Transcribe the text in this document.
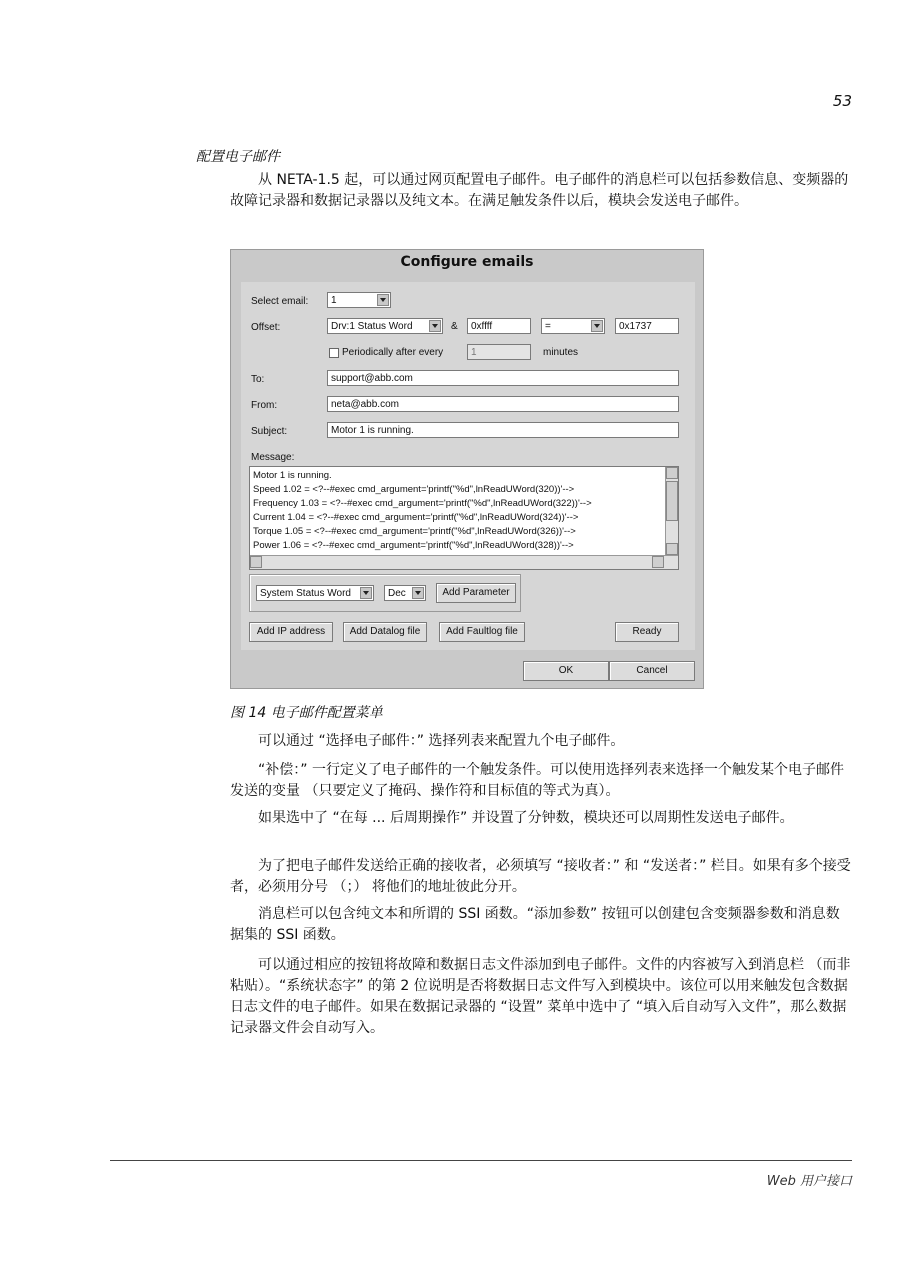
53
配置电子邮件

从 NETA-1.5 起，可以通过网页配置电子邮件。电子邮件的消息栏可以包括参数信息、变频器的故障记录器和数据记录器以及纯文本。在满足触发条件以后，模块会发送电子邮件。

Configure emails
Select email:	1
Offset:	Drv:1 Status Word	&	0xffff	=	0x1737
Periodically after every	1	minutes
To:	support@abb.com
From:	neta@abb.com
Subject:	Motor 1 is running.
Message:
Motor 1 is running.
Speed 1.02 = <?--#exec cmd_argument='printf("%d",lnReadUWord(320))'-->
Frequency 1.03 = <?--#exec cmd_argument='printf("%d",lnReadUWord(322))'-->
Current 1.04 = <?--#exec cmd_argument='printf("%d",lnReadUWord(324))'-->
Torque 1.05 = <?--#exec cmd_argument='printf("%d",lnReadUWord(326))'-->
Power 1.06 = <?--#exec cmd_argument='printf("%d",lnReadUWord(328))'-->
System Status Word	Dec	Add Parameter
Add IP address	Add Datalog file	Add Faultlog file	Ready
OK	Cancel
图 14 电子邮件配置菜单

可以通过 “选择电子邮件：” 选择列表来配置九个电子邮件。

“补偿：” 一行定义了电子邮件的一个触发条件。可以使用选择列表来选择一个触发某个电子邮件发送的变量 （只要定义了掩码、操作符和目标值的等式为真）。

如果选中了 “在每 ... 后周期操作” 并设置了分钟数，模块还可以周期性发送电子邮件。

为了把电子邮件发送给正确的接收者，必须填写 “接收者：” 和 “发送者：” 栏目。如果有多个接受者，必须用分号 （；） 将他们的地址彼此分开。

消息栏可以包含纯文本和所谓的 SSI 函数。“添加参数” 按钮可以创建包含变频器参数和消息数据集的 SSI 函数。

可以通过相应的按钮将故障和数据日志文件添加到电子邮件。文件的内容被写入到消息栏 （而非粘贴）。“系统状态字” 的第 2 位说明是否将数据日志文件写入到模块中。该位可以用来触发包含数据日志文件的电子邮件。如果在数据记录器的 “设置” 菜单中选中了 “填入后自动写入文件”，那么数据记录器文件会自动写入。

Web 用户接口
